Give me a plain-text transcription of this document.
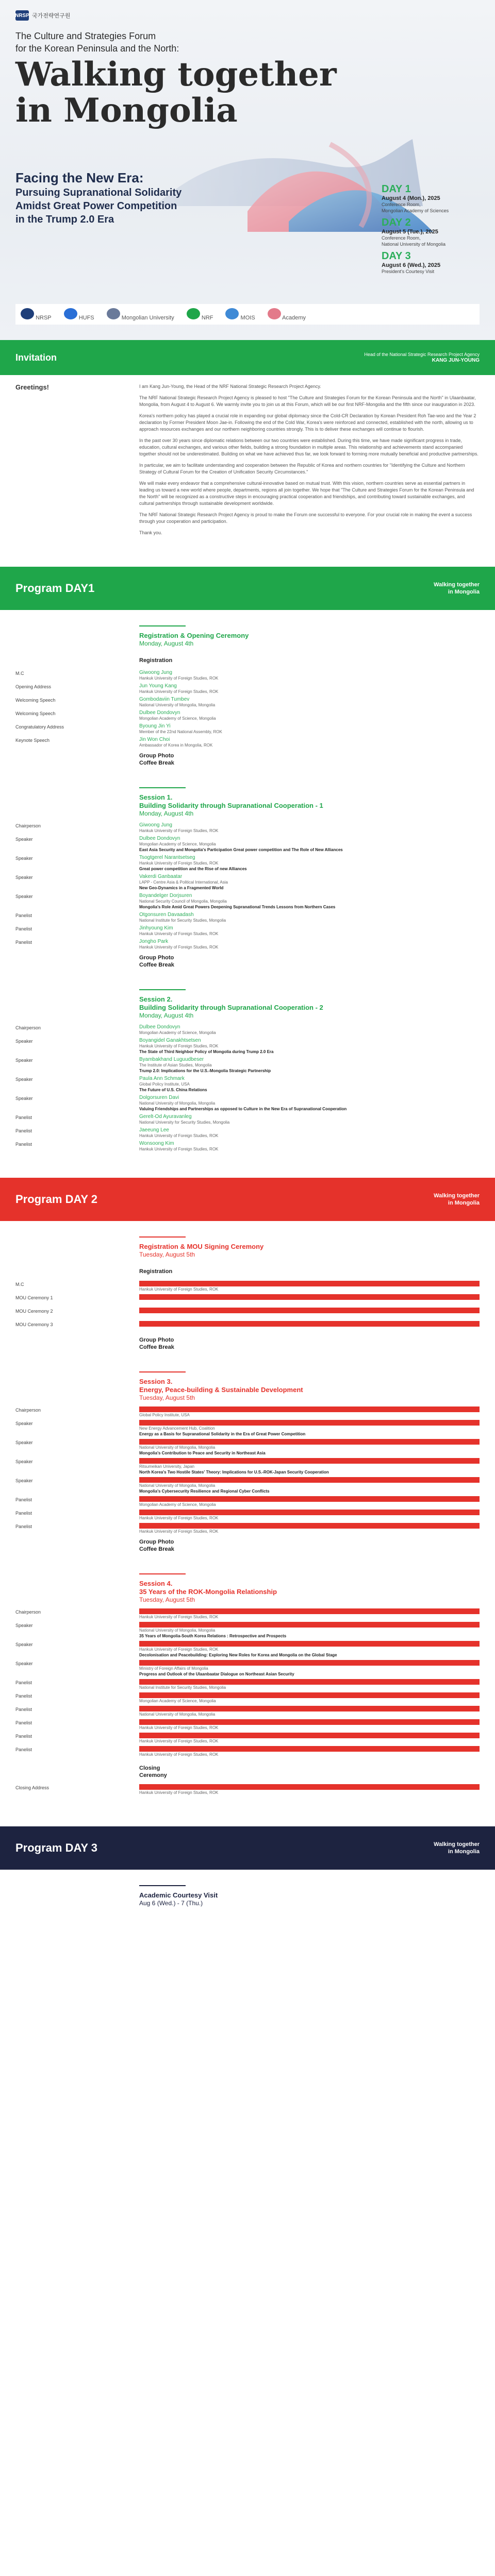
NRSP 국가전략연구원
The Culture and Strategies Forum
for the Korean Peninsula and the North:
Walking together
in Mongolia
Facing the New Era:
Pursuing Supranational Solidarity
Amidst Great Power Competition
in the Trump 2.0 Era
DAY 1
August 4 (Mon.), 2025
Conference Room,
Mongolian Academy of Sciences
DAY 2
August 5 (Tue.), 2025
Conference Room,
National University of Mongolia
DAY 3
August 6 (Wed.), 2025
President's Courtesy Visit
NRSP	HUFS	Mongolian University	NRF	MOIS	Academy
Invitation	Head of the National Strategic Research Project Agency
KANG JUN-YOUNG
Greetings!	I am Kang Jun-Young, the Head of the NRF National Strategic Research Project Agency.

The NRF National Strategic Research Project Agency is pleased to host "The Culture and Strategies Forum for the Korean Peninsula and the North" in Ulaanbaatar, Mongolia, from August 4 to August 6. We warmly invite you to join us at this Forum, which will be our first NRF-Mongolia and the fifth since our inauguration in 2023.

Korea's northern policy has played a crucial role in expanding our global diplomacy since the Cold-CR Declaration by Korean President Roh Tae-woo and the Year 2 declaration by Former President Moon Jae-in. Following the end of the Cold War, Korea's were reinforced and connected, established with the north, allowing us to approach resources exchanges and our northern neighboring countries strongly. This is to deliver these exchanges will continue to flourish.

In the past over 30 years since diplomatic relations between our two countries were established. During this time, we have made significant progress in trade, education, cultural exchanges, and various other fields, building a strong foundation in multiple areas. This relationship and achievements stand accompanied together should not be underestimated. Building on what we have achieved thus far, we look forward to forming more mutually beneficial and productive partnerships.

In particular, we aim to facilitate understanding and cooperation between the Republic of Korea and northern countries for "Identifying the Culture and Northern Strategy of Cultural Forum for the Creation of Unification Security Circumstances."

We will make every endeavor that a comprehensive cultural-innovative based on mutual trust. With this vision, northern countries serve as essential partners in leading us toward a new world where people, departments, regions all join together. We hope that "The Culture and Strategies Forum for the Korean Peninsula and the North" will be recognized as a constructive steps in encouraging practical cooperation and friendships, and contributing toward sustainable exchanges, and cultural partnerships through sustainable development worldwide.

The NRF National Strategic Research Project Agency is proud to make the Forum one successful to everyone. For your crucial role in making the event a success through your cooperation and participation.

Thank you.

Program DAY1	Walking together
in Mongolia
Registration & Opening Ceremony
Monday, August 4th
Registration
M.C	Giwoong Jung
Hankuk University of Foreign Studies, ROK
Opening Address	Jun Young Kang
Hankuk University of Foreign Studies, ROK
Welcoming Speech	Gombodaviin Tumbev
National University of Mongolia, Mongolia
Welcoming Speech	Dulbee Dondovyn
Mongolian Academy of Science, Mongolia
Congratulatory Address	Byoung Jin Yi
Member of the 22nd National Assembly, ROK
Keynote Speech	Jin Won Choi
Ambassador of Korea in Mongolia, ROK
Group Photo
Coffee Break
Session 1.
Building Solidarity through Supranational Cooperation - 1
Monday, August 4th
Chairperson	Giwoong Jung
Hankuk University of Foreign Studies, ROK
Speaker	Dulbee Dondovyn
Mongolian Academy of Science, Mongolia
East Asia Security and Mongolia's Participation Great power competition and The Role of New Alliances
Speaker	Tsogtgerel Narantsetseg
Hankuk University of Foreign Studies, ROK
Great power competition and the Rise of new Alliances
Speaker	Vakerdi Ganbaatar
LAPP - Centre Asia & Political International, Asia
New Geo-Dynamics in a Fragmented World
Speaker	Boyandelger Dorjsuren
National Security Council of Mongolia, Mongolia
Mongolia's Role Amid Great Powers Deepening Supranational Trends Lessons from Northern Cases
Panelist	Otgonsuren Davaadash
National Institute for Security Studies, Mongolia
Panelist	Jinhyoung Kim
Hankuk University of Foreign Studies, ROK
Panelist	Jongho Park
Hankuk University of Foreign Studies, ROK
Group Photo
Coffee Break
Session 2.
Building Solidarity through Supranational Cooperation - 2
Monday, August 4th
Chairperson	Dulbee Dondovyn
Mongolian Academy of Science, Mongolia
Speaker	Boyangidel Ganakhtsetsen
Hankuk University of Foreign Studies, ROK
The State of Third Neighbor Policy of Mongolia during Trump 2.0 Era
Speaker	Byambakhand Luguudbeser
The Institute of Asian Studies, Mongolia
Trump 2.0: Implications for the U.S.-Mongolia Strategic Partnership
Speaker	Paula Ann Schmark
Global Policy Institute, USA
The Future of U.S. China Relations
Speaker	Dolgorsuren Davi
National University of Mongolia, Mongolia
Valuing Friendships and Partnerships as opposed to Culture in the New Era of Supranational Cooperation
Panelist	Gerelt-Od Ayuravanleg
National University for Security Studies, Mongolia
Panelist	Jaeeung Lee
Hankuk University of Foreign Studies, ROK
Panelist	Wonsoong Kim
Hankuk University of Foreign Studies, ROK
Program DAY 2	Walking together
in Mongolia
Registration & MOU Signing Ceremony
Tuesday, August 5th
Registration
M.C	Giwoong Jung
Hankuk University of Foreign Studies, ROK
MOU Ceremony 1	Signing of MOU_ National University of Mongolia, Mongolia
MOU Ceremony 2	Signing of MOU_ Mongolian Academy of Science, Mongolia
MOU Ceremony 3	Signing of MOU_ Global Policy Institute, USA
Group Photo
Coffee Break
Session 3.
Energy, Peace-building & Sustainable Development
Tuesday, August 5th
Chairperson	Paula Ann Schmark
Global Policy Institute, USA
Speaker	Maria Davaasuren
New Energy Advancement Hub, Coalition
Energy as a Basis for Supranational Solidarity in the Era of Great Power Competition
Speaker	Oyunsuren Damdinsuren
National University of Mongolia, Mongolia
Mongolia's Contribution to Peace and Security in Northeast Asia
Speaker	Natsuko Sasha
Ritsumeikan University, Japan
North Korea's Two Hostile States' Theory: Implications for U.S.-ROK-Japan Security Cooperation
Speaker	Ganbaya Ganbumar
National University of Mongolia, Mongolia
Mongolia's Cybersecurity Resilience and Regional Cyber Conflicts
Panelist	Khishigsaigal Bold
Mongolian Academy of Science, Mongolia
Panelist	Jinhyoung Kim
Hankuk University of Foreign Studies, ROK
Panelist	Jongho Park
Hankuk University of Foreign Studies, ROK
Group Photo
Coffee Break
Session 4.
35 Years of the ROK-Mongolia Relationship
Tuesday, August 5th
Chairperson	Jun Young Kang
Hankuk University of Foreign Studies, ROK
Speaker	Oyuntsetseg Dashnyam
National University of Mongolia, Mongolia
35 Years of Mongolia-South Korea Relations : Retrospective and Prospects
Speaker	Yulo-Won Park
Hankuk University of Foreign Studies, ROK
Decolonisation and Peacebuilding: Exploring New Roles for Korea and Mongolia on the Global Stage
Speaker	Erdenebuya Nomuna
Ministry of Foreign Affairs of Mongolia
Progress and Outlook of the Ulaanbaatar Dialogue on Northeast Asian Security
Panelist	Urangoo Khosh-Erdene
National Institute for Security Studies, Mongolia
Panelist	Myagmar Dashdorjaa
Mongolian Academy of Science, Mongolia
Panelist	Batsuh Auvvji
National University of Mongolia, Mongolia
Panelist	Sunhyung Yi
Hankuk University of Foreign Studies, ROK
Panelist	Yoosik Park
Hankuk University of Foreign Studies, ROK
Panelist	Kyungjin Won
Hankuk University of Foreign Studies, ROK
Closing
Ceremony
Closing Address	Jun Young Kang
Hankuk University of Foreign Studies, ROK
Program DAY 3	Walking together
in Mongolia
Academic Courtesy Visit
Aug 6 (Wed.) - 7 (Thu.)
